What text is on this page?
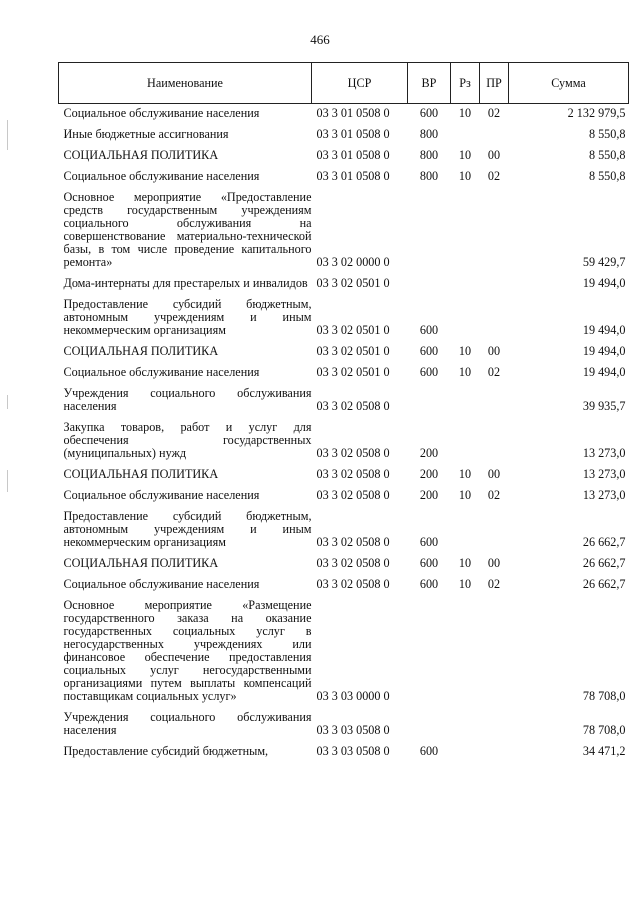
466
Наименование	ЦСР	ВР	Рз	ПР	Сумма
Социальное обслуживание населения	03 3 01 0508 0	600	10	02	2 132 979,5
Иные бюджетные ассигнования	03 3 01 0508 0	800			8 550,8
СОЦИАЛЬНАЯ ПОЛИТИКА	03 3 01 0508 0	800	10	00	8 550,8
Социальное обслуживание населения	03 3 01 0508 0	800	10	02	8 550,8
Основное мероприятие «Предоставление средств государственным учреждениям социального обслуживания на совершенствование материально-технической базы, в том числе проведение капитального ремонта»	03 3 02 0000 0				59 429,7
Дома-интернаты для престарелых и инвалидов	03 3 02 0501 0				19 494,0
Предоставление субсидий бюджетным, автономным учреждениям и иным некоммерческим организациям	03 3 02 0501 0	600			19 494,0
СОЦИАЛЬНАЯ ПОЛИТИКА	03 3 02 0501 0	600	10	00	19 494,0
Социальное обслуживание населения	03 3 02 0501 0	600	10	02	19 494,0
Учреждения социального обслуживания населения	03 3 02 0508 0				39 935,7
Закупка товаров, работ и услуг для обеспечения государственных (муниципальных) нужд	03 3 02 0508 0	200			13 273,0
СОЦИАЛЬНАЯ ПОЛИТИКА	03 3 02 0508 0	200	10	00	13 273,0
Социальное обслуживание населения	03 3 02 0508 0	200	10	02	13 273,0
Предоставление субсидий бюджетным, автономным учреждениям и иным некоммерческим организациям	03 3 02 0508 0	600			26 662,7
СОЦИАЛЬНАЯ ПОЛИТИКА	03 3 02 0508 0	600	10	00	26 662,7
Социальное обслуживание населения	03 3 02 0508 0	600	10	02	26 662,7
Основное мероприятие «Размещение государственного заказа на оказание государственных социальных услуг в негосударственных учреждениях или финансовое обеспечение предоставления социальных услуг негосударственными организациями путем выплаты компенсаций поставщикам социальных услуг»	03 3 03 0000 0				78 708,0
Учреждения социального обслуживания населения	03 3 03 0508 0				78 708,0
Предоставление субсидий бюджетным,	03 3 03 0508 0	600			34 471,2
